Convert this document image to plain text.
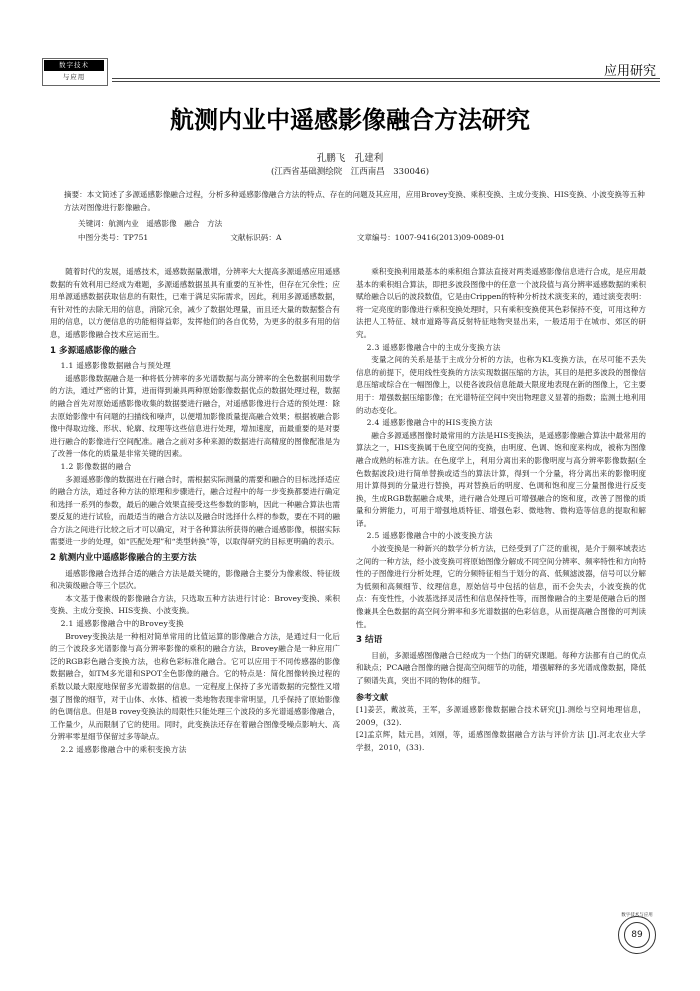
数字技术
与应用	应用研究
航测内业中遥感影像融合方法研究
孔鹏飞　孔建利
(江西省基础测绘院　江西南昌　330046)
摘要：本文简述了多源遥感影像融合过程，分析多种遥感影像融合方法的特点、存在的问题及其应用，应用Brovey变换、乘积变换、主成分变换、HIS变换、小波变换等五种方法对图像进行影像融合。
关键词：航测内业　遥感影像　融合　方法
中图分类号：TP751	文献标识码：A	文章编号：1007-9416(2013)09-0089-01

随着时代的发展，遥感技术，遥感数据量激增，分辨率大大提高多源遥感应用遥感数据的有效利用已经成为难题，多源遥感数据虽具有重要的互补性，但存在冗余性；应用单源遥感数据获取信息的有限性，已难于满足实际需求，因此，利用多源遥感数据，有针对性的去除无用的信息，消除冗余，减少了数据处理量，而且还大量的数据整合有用的信息，以方便信息的功能相得益彰，发挥他们的各自优势，为更多的很多有用的信息，遥感影像融合技术应运而生。

1 多源遥感影像的融合

1.1 遥感影像数据融合与预处理

遥感影像数据融合是一种将低分辨率的多光谱数据与高分辨率的全色数据利用数学的方法，通过严密的计算，进而得到兼具两种原始影像数据优点的数据处理过程，数据的融合首先对原始遥感影像收集的数据要进行融合，对遥感影像进行合适的预处理：除去原始影像中有问题的扫描线和噪声，以便增加影像质量提高融合效果；根据被融合影像中得取边缘、形状、轮廓、纹理等这些信息进行处理，增加速度，而最重要的是对要进行融合的影像进行空间配准。融合之前对多种来源的数据进行高精度的图像配准是为了改善一体化的质量是非常关键的因素。

1.2 影像数据的融合

多源遥感影像的数据进在行融合时，需根据实际测量的需要和融合的目标选择适应的融合方法，通过各种方法的原理和步骤进行，融合过程中的每一步变换都要进行确定和选择一系列的参数，最后的融合效果直接受这些参数的影响，因此一种融合算法也需要反复的进行试验，而最适当的融合方法以及融合时选择什么样的参数，要在不同的融合方法之间进行比较之后才可以确定，对于各种算法所获得的融合遥感影像，根据实际需要进一步的处理，如“匹配处理”和“类型转换”等，以取得研究的目标更明确的表示。

2 航测内业中遥感影像融合的主要方法

遥感影像融合选择合适的融合方法是最关键的，影像融合主要分为像素级、特征级和决策级融合等三个层次。

本文基于像素级的影像融合方法，只选取五种方法进行讨论：Brovey变换、乘积变换、主成分变换、HIS变换、小波变换。

2.1 遥感影像融合中的Brovey变换

Brovey变换法是一种相对简单常用的比值运算的影像融合方法，是通过归一化后的三个波段多光谱影像与高分辨率影像的乘积的融合方法，Brovey融合是一种应用广泛的RGB彩色融合变换方法，也称色彩标准化融合。它可以应用于不同传感器的影像数据融合，如TM多光谱和SPOT全色影像的融合。它的特点是：简化图像转换过程的系数以最大限度地保留多光谱数据的信息。一定程度上保持了多光谱数据的完整性又增强了图像的细节，对于山体、水体、植被一类地物表现非常明显，几乎保持了原始影像的色调信息。但是B rovey变换法的局限性只能处理三个波段的多光谱遥感影像融合，工作量少，从而限制了它的使用。同时，此变换法还存在着融合图像受噪点影响大、高分辨率零星细节保留过多等缺点。

2.2 遥感影像融合中的乘积变换方法

乘积变换利用最基本的乘积组合算法直接对两类遥感影像信息进行合成，是应用最基本的乘积组合算法，即把多波段图像中的任意一个波段值与高分辨率遥感数据的乘积赋给融合以后的波段数值，它是由Crippen的特种分析技术演变来的，通过演变表明：将一定亮度的影像进行乘积变换处理时，只有乘积变换使其色彩保持不变，可用这种方法把人工特征、城市道路等高反射特征地物突显出来，一般适用于在城市、郊区的研究。

2.3 遥感影像融合中的主成分变换方法

变量之间的关系是基于主成分分析的方法，也称为KL变换方法，在尽可能不丢失信息的前提下，使用线性变换的方法实现数据压缩的方法，其目的是把多波段的图像信息压缩或综合在一幅图像上，以使各波段信息能最大限度地表现在新的图像上，它主要用于：增强数据压缩影像；在光谱特征空间中突出物理意义显著的指数；监测土地利用的动态变化。

2.4 遥感影像融合中的HIS变换方法

融合多源遥感图像时最常用的方法是HIS变换法，是遥感影像融合算法中最常用的算法之一，HIS变换属于色度空间的变换，由明度、色调、饱和度来构成，被称为图像融合成熟的标准方法。在色度学上，利用分离出来的影像明度与高分辨率影像数据(全色数据波段)进行简单替换或适当的算法计算，得到一个分量，将分离出来的影像明度用计算得到的分量进行替换，再对替换后的明度、色调和饱和度三分量图像进行反变换，生成RGB数据融合成果，进行融合处理后可增强融合的饱和度，改善了图像的质量和分辨能力，可用于增强地质特征、增强色彩、微地物、微构造等信息的提取和解译。

2.5 遥感影像融合中的小波变换方法

小波变换是一种新兴的数学分析方法，已经受到了广泛的重视，是介于频率域表达之间的一种方法，经小波变换可将原始图像分解成不同空间分辨率、频率特性和方向特性的子图像进行分析处理，它的分频特征相当于划分的高、低频滤波器，信号可以分解为低频和高频细节、纹理信息，原始信号中包括的信息，而不会失去，小波变换的优点：有变性性，小波基选择灵活性和信息保持性等，而图像融合的主要是使融合后的图像兼具全色数据的高空间分辨率和多光谱数据的色彩信息，从而提高融合图像的可判读性。

3 结语

目前，多源遥感图像融合已经成为一个热门的研究课题。每种方法都有自己的优点和缺点；PCA融合图像的融合提高空间细节的功能，增强解释的多光谱成像数据，降低了频谱失真，突出不同的物体的细节。

参考文献

[1]姜芸，戴波英，王军，多源遥感影像数据融合技术研究[J].测绘与空间地理信息，2009，(32).

[2]孟京辉，陆元昌，刘刚，等，遥感图像数据融合方法与评价方法 [J].河北农业大学学报，2010，(33).

数字技术与应用
89
